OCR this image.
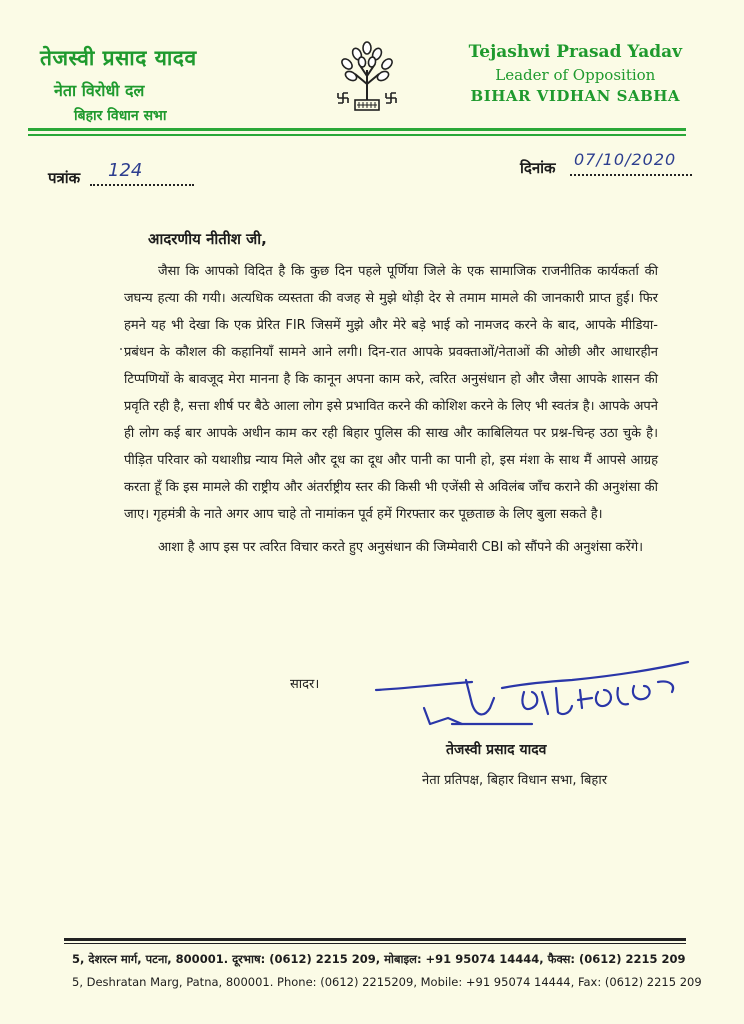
तेजस्वी प्रसाद यादव
नेता विरोधी दल
बिहार विधान सभा
Tejashwi Prasad Yadav
Leader of Opposition
BIHAR VIDHAN SABHA
पत्रांक 124	दिनांक 07/10/2020
आदरणीय नीतीश जी,

जैसा कि आपको विदित है कि कुछ दिन पहले पूर्णिया जिले के एक सामाजिक राजनीतिक कार्यकर्ता की जघन्य हत्या की गयी। अत्यधिक व्यस्तता की वजह से मुझे थोड़ी देर से तमाम मामले की जानकारी प्राप्त हुई। फिर हमने यह भी देखा कि एक प्रेरित FIR जिसमें मुझे और मेरे बड़े भाई को नामजद करने के बाद, आपके मीडिया-प्रबंधन के कौशल की कहानियाँ सामने आने लगी। दिन-रात आपके प्रवक्ताओं/नेताओं की ओछी और आधारहीन टिप्पणियों के बावजूद मेरा मानना है कि कानून अपना काम करे, त्वरित अनुसंधान हो और जैसा आपके शासन की प्रवृति रही है, सत्ता शीर्ष पर बैठे आला लोग इसे प्रभावित करने की कोशिश करने के लिए भी स्वतंत्र है। आपके अपने ही लोग कई बार आपके अधीन काम कर रही बिहार पुलिस की साख और काबिलियत पर प्रश्न-चिन्ह उठा चुके है। पीड़ित परिवार को यथाशीघ्र न्याय मिले और दूध का दूध और पानी का पानी हो, इस मंशा के साथ मैं आपसे आग्रह करता हूँ कि इस मामले की राष्ट्रीय और अंतर्राष्ट्रीय स्तर की किसी भी एजेंसी से अविलंब जाँच कराने की अनुशंसा की जाए। गृहमंत्री के नाते अगर आप चाहे तो नामांकन पूर्व हमें गिरफ्तार कर पूछताछ के लिए बुला सकते है।

आशा है आप इस पर त्वरित विचार करते हुए अनुसंधान की जिम्मेवारी CBI को सौंपने की अनुशंसा करेंगे।

सादर।
तेजस्वी प्रसाद यादव
नेता प्रतिपक्ष, बिहार विधान सभा, बिहार
5, देशरत्न मार्ग, पटना, 800001. दूरभाष: (0612) 2215 209, मोबाइल: +91 95074 14444, फैक्स: (0612) 2215 209
5, Deshratan Marg, Patna, 800001. Phone: (0612) 2215209, Mobile: +91 95074 14444, Fax: (0612) 2215 209
